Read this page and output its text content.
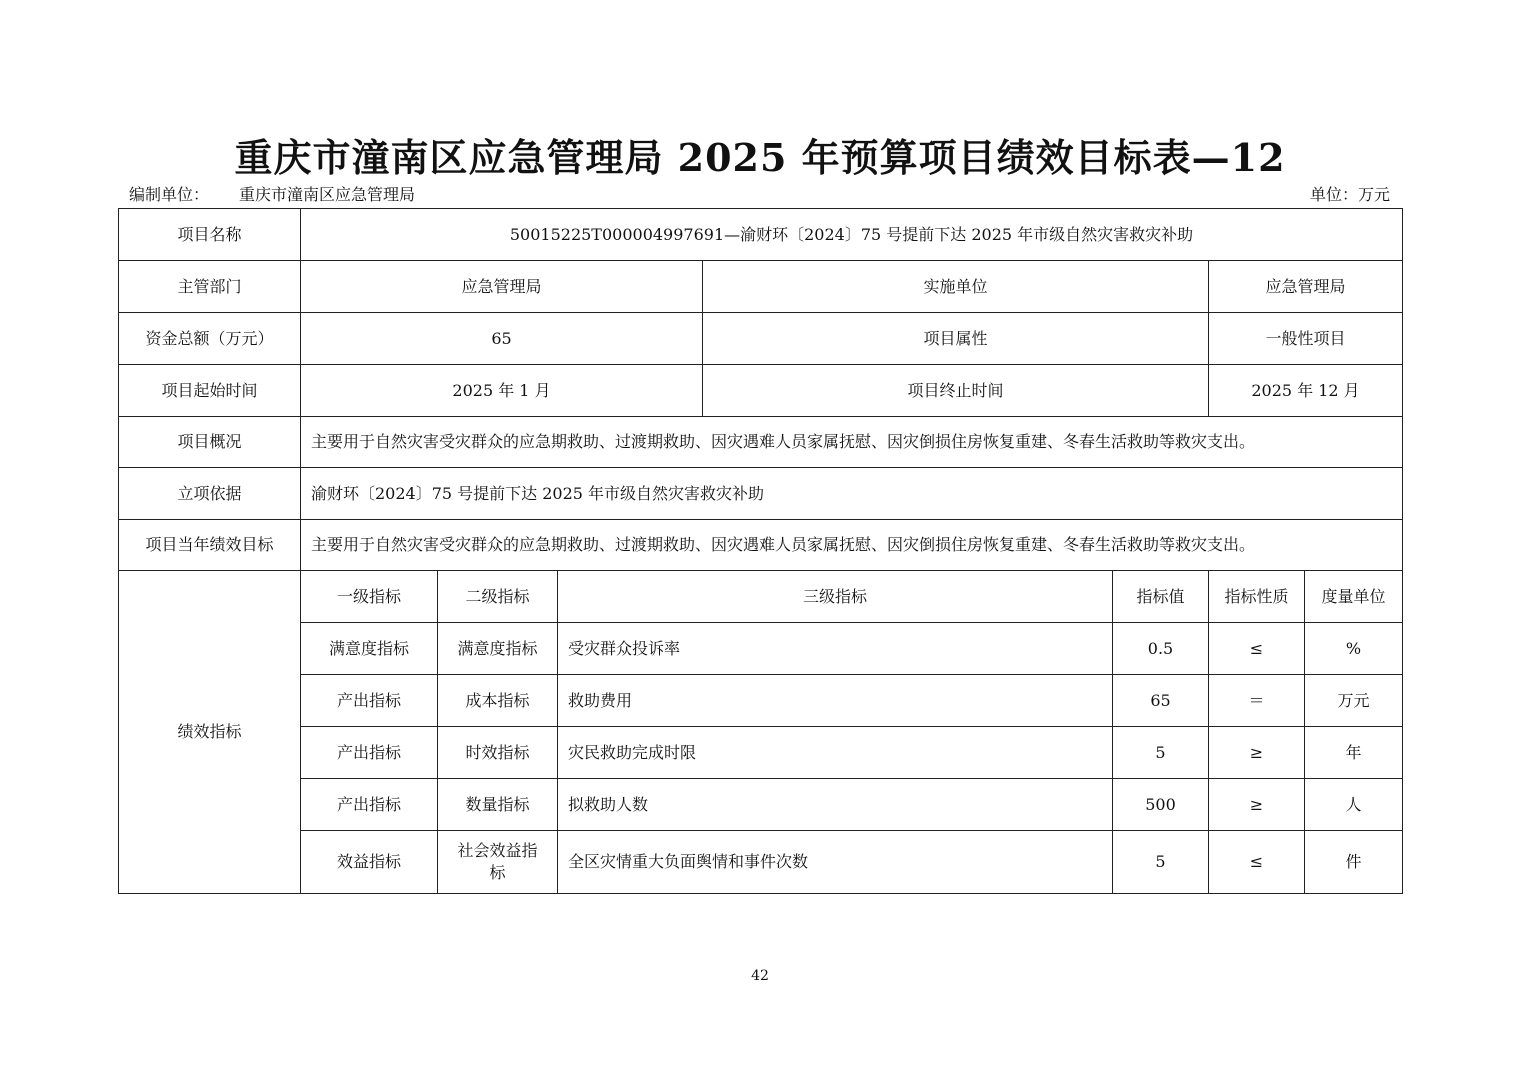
重庆市潼南区应急管理局 2025 年预算项目绩效目标表—12
编制单位： 重庆市潼南区应急管理局	单位：万元
项目名称	50015225T000004997691—渝财环〔2024〕75 号提前下达 2025 年市级自然灾害救灾补助						
主管部门	应急管理局			实施单位		应急管理局	
资金总额（万元）	65			项目属性		一般性项目	
项目起始时间	2025 年 1 月			项目终止时间		2025 年 12 月	
项目概况	主要用于自然灾害受灾群众的应急期救助、过渡期救助、因灾遇难人员家属抚慰、因灾倒损住房恢复重建、冬春生活救助等救灾支出。						
立项依据	渝财环〔2024〕75 号提前下达 2025 年市级自然灾害救灾补助						
项目当年绩效目标	主要用于自然灾害受灾群众的应急期救助、过渡期救助、因灾遇难人员家属抚慰、因灾倒损住房恢复重建、冬春生活救助等救灾支出。						
绩效指标	一级指标	二级指标	三级指标		指标值	指标性质	度量单位
	满意度指标	满意度指标	受灾群众投诉率		0.5	≤	%
	产出指标	成本指标	救助费用		65	＝	万元
	产出指标	时效指标	灾民救助完成时限		5	≥	年
	产出指标	数量指标	拟救助人数		500	≥	人
	效益指标	社会效益指标	全区灾情重大负面舆情和事件次数		5	≤	件
42
